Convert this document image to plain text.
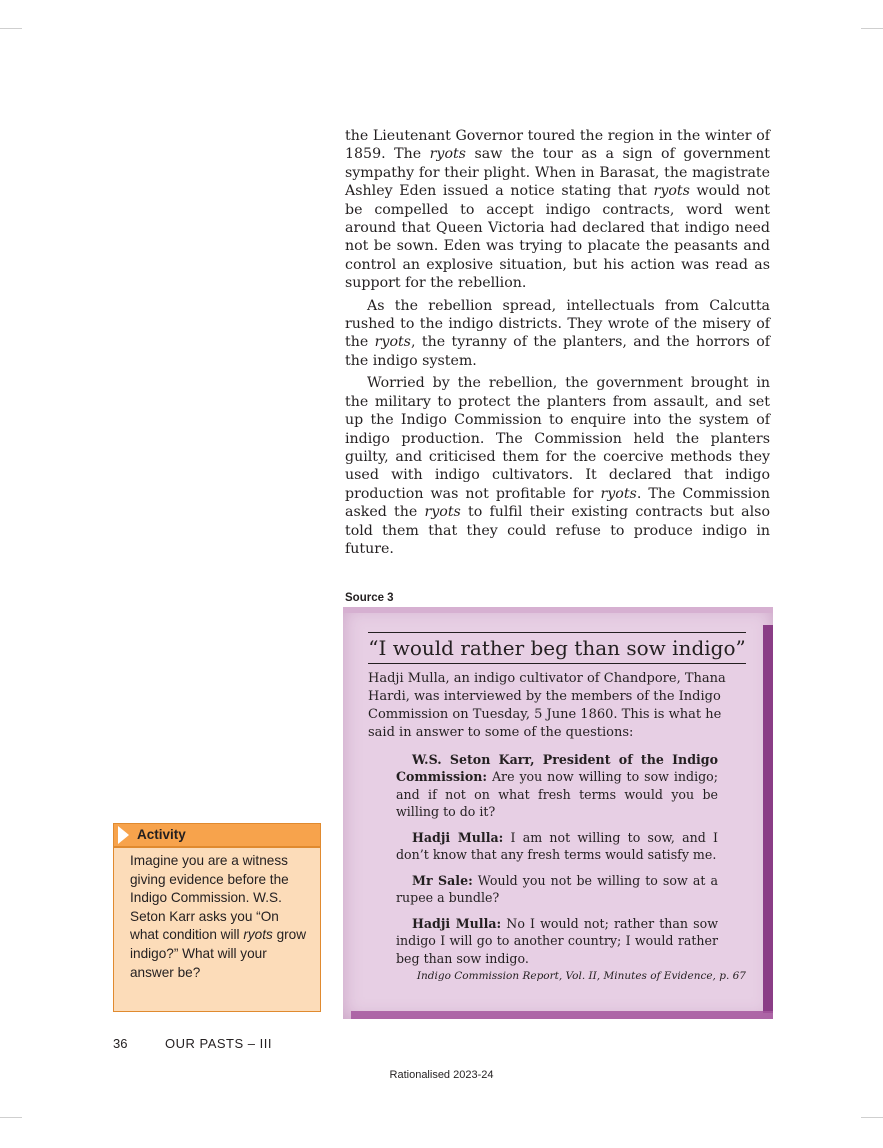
the Lieutenant Governor toured the region in the winter of 1859. The ryots saw the tour as a sign of government sympathy for their plight. When in Barasat, the magistrate Ashley Eden issued a notice stating that ryots would not be compelled to accept indigo contracts, word went around that Queen Victoria had declared that indigo need not be sown. Eden was trying to placate the peasants and control an explosive situation, but his action was read as support for the rebellion.

As the rebellion spread, intellectuals from Calcutta rushed to the indigo districts. They wrote of the misery of the ryots, the tyranny of the planters, and the horrors of the indigo system.

Worried by the rebellion, the government brought in the military to protect the planters from assault, and set up the Indigo Commission to enquire into the system of indigo production. The Commission held the planters guilty, and criticised them for the coercive methods they used with indigo cultivators. It declared that indigo production was not profitable for ryots. The Commission asked the ryots to fulfil their existing contracts but also told them that they could refuse to produce indigo in future.

Source 3
“I would rather beg than sow indigo”
Hadji Mulla, an indigo cultivator of Chandpore, Thana Hardi, was interviewed by the members of the Indigo Commission on Tuesday, 5 June 1860. This is what he said in answer to some of the questions:
W.S. Seton Karr, President of the Indigo Commission: Are you now willing to sow indigo; and if not on what fresh terms would you be willing to do it?
Hadji Mulla: I am not willing to sow, and I don’t know that any fresh terms would satisfy me.
Mr Sale: Would you not be willing to sow at a rupee a bundle?
Hadji Mulla: No I would not; rather than sow indigo I will go to another country; I would rather beg than sow indigo.
Indigo Commission Report, Vol. II, Minutes of Evidence, p. 67
Activity
Imagine you are a witness giving evidence before the Indigo Commission. W.S. Seton Karr asks you “On what condition will ryots grow indigo?” What will your answer be?
36	OUR PASTS – III
Rationalised 2023-24
